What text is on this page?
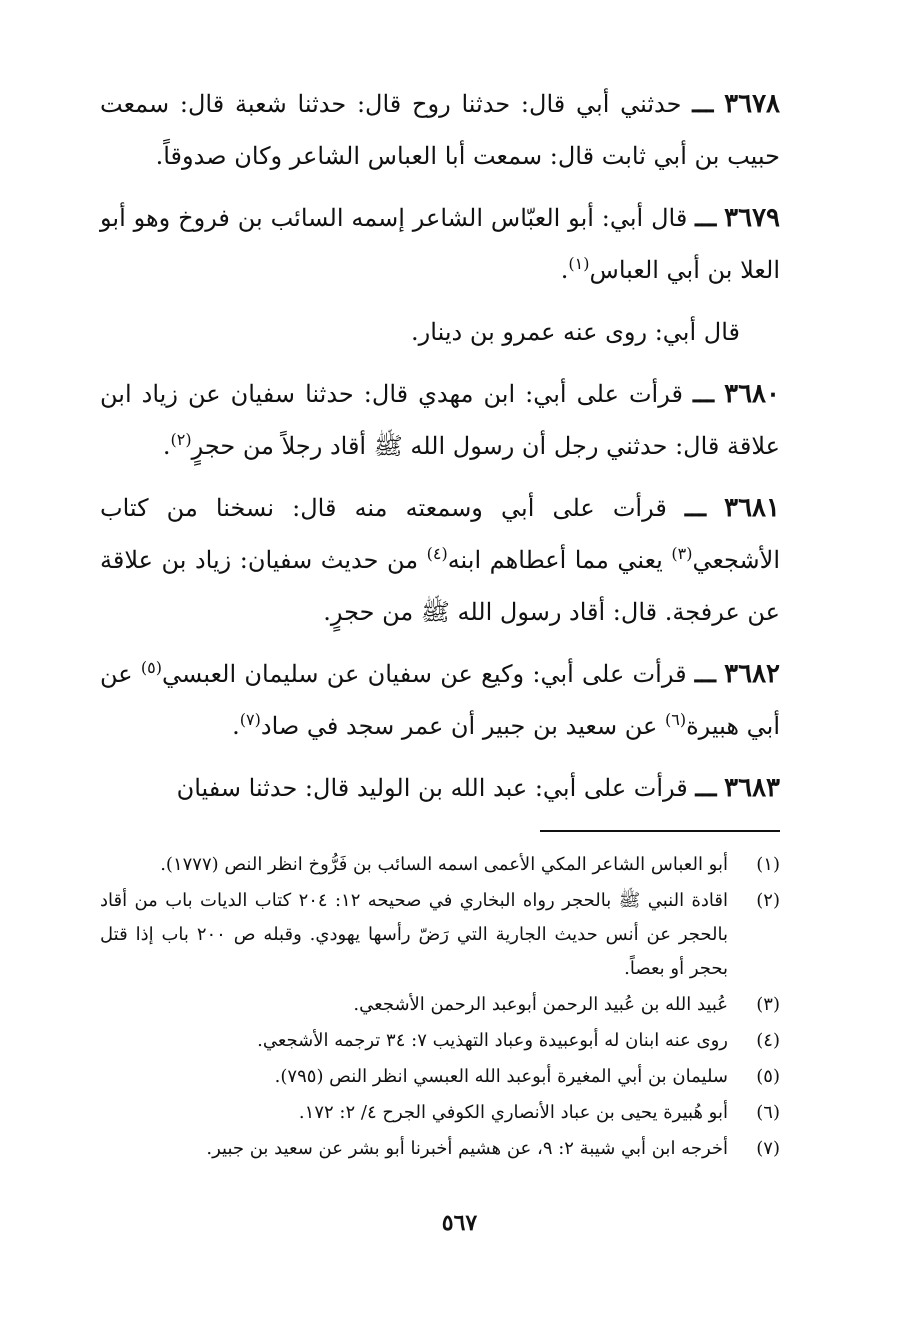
٣٦٧٨ ـــ حدثني أبي قال: حدثنا روح قال: حدثنا شعبة قال: سمعت حبيب بن أبي ثابت قال: سمعت أبا العباس الشاعر وكان صدوقاً.

٣٦٧٩ ـــ قال أبي: أبو العبّاس الشاعر إسمه السائب بن فروخ وهو أبو العلا بن أبي العباس$^{(١)}$.

قال أبي: روى عنه عمرو بن دينار.

٣٦٨٠ ـــ قرأت على أبي: ابن مهدي قال: حدثنا سفيان عن زياد ابن علاقة قال: حدثني رجل أن رسول الله ﷺ أقاد رجلاً من حجرٍ$^{(٢)}$.

٣٦٨١ ـــ قرأت على أبي وسمعته منه قال: نسخنا من كتاب الأشجعي$^{(٣)}$ يعني مما أعطاهم ابنه$^{(٤)}$ من حديث سفيان: زياد بن علاقة عن عرفجة. قال: أقاد رسول الله ﷺ من حجرٍ.

٣٦٨٢ ـــ قرأت على أبي: وكيع عن سفيان عن سليمان العبسي$^{(٥)}$ عن أبي هبيرة$^{(٦)}$ عن سعيد بن جبير أن عمر سجد في صاد$^{(٧)}$.

٣٦٨٣ ـــ قرأت على أبي: عبد الله بن الوليد قال: حدثنا سفيان

(١)
أبو العباس الشاعر المكي الأعمى اسمه السائب بن فَرُّوخ انظر النص (١٧٧٧).
(٢)
اقادة النبي ﷺ بالحجر رواه البخاري في صحيحه ١٢: ٢٠٤ كتاب الديات باب من أقاد بالحجر عن أنس حديث الجارية التي رَضّ رأسها يهودي. وقبله ص ٢٠٠ باب إذا قتل بحجر أو بعصاً.
(٣)
عُبيد الله بن عُبيد الرحمن أبوعبد الرحمن الأشجعي.
(٤)
روى عنه ابنان له أبوعبيدة وعباد التهذيب ٧: ٣٤ ترجمه الأشجعي.
(٥)
سليمان بن أبي المغيرة أبوعبد الله العبسي انظر النص (٧٩٥).
(٦)
أبو هُبيرة يحيى بن عباد الأنصاري الكوفي الجرح ٤/ ٢: ١٧٢.
(٧)
أخرجه ابن أبي شيبة ٢: ٩، عن هشيم أخبرنا أبو بشر عن سعيد بن جبير.
٥٦٧
